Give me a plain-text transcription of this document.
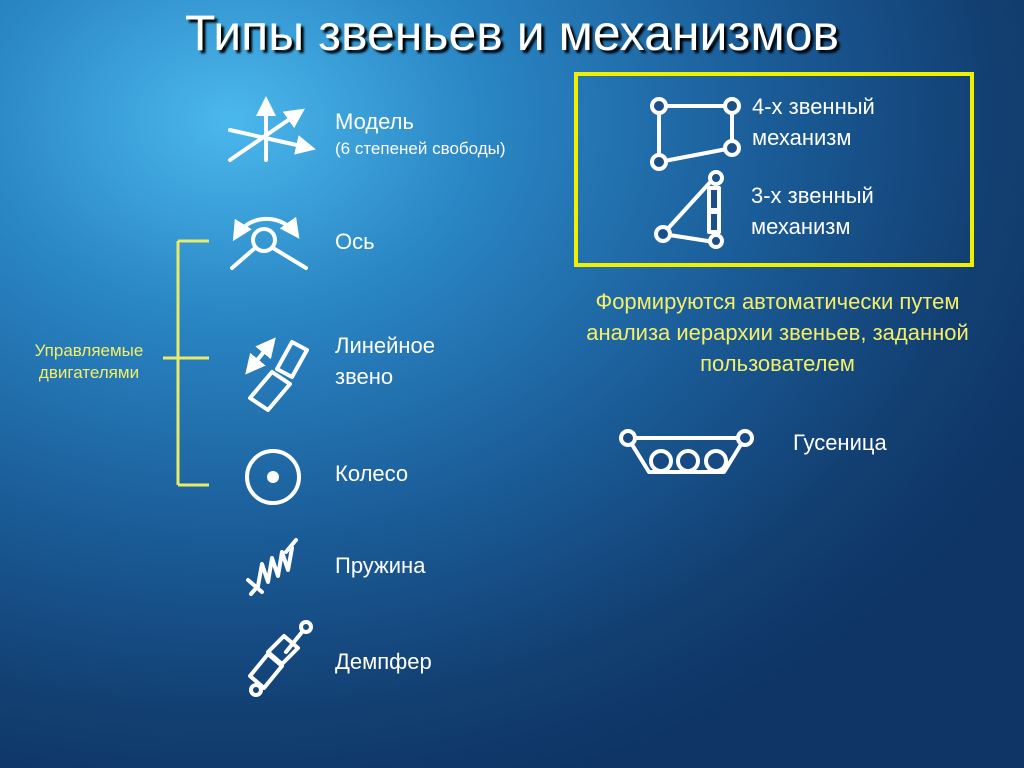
Типы звеньев и механизмов
Модель
(6 степеней свободы)
Ось
Линейное звено
Колесо
Пружина
Демпфер
Управляемые двигателями
4-х звенный механизм
3-х звенный механизм
Формируются автоматически путем анализа иерархии звеньев, заданной пользователем
Гусеница
